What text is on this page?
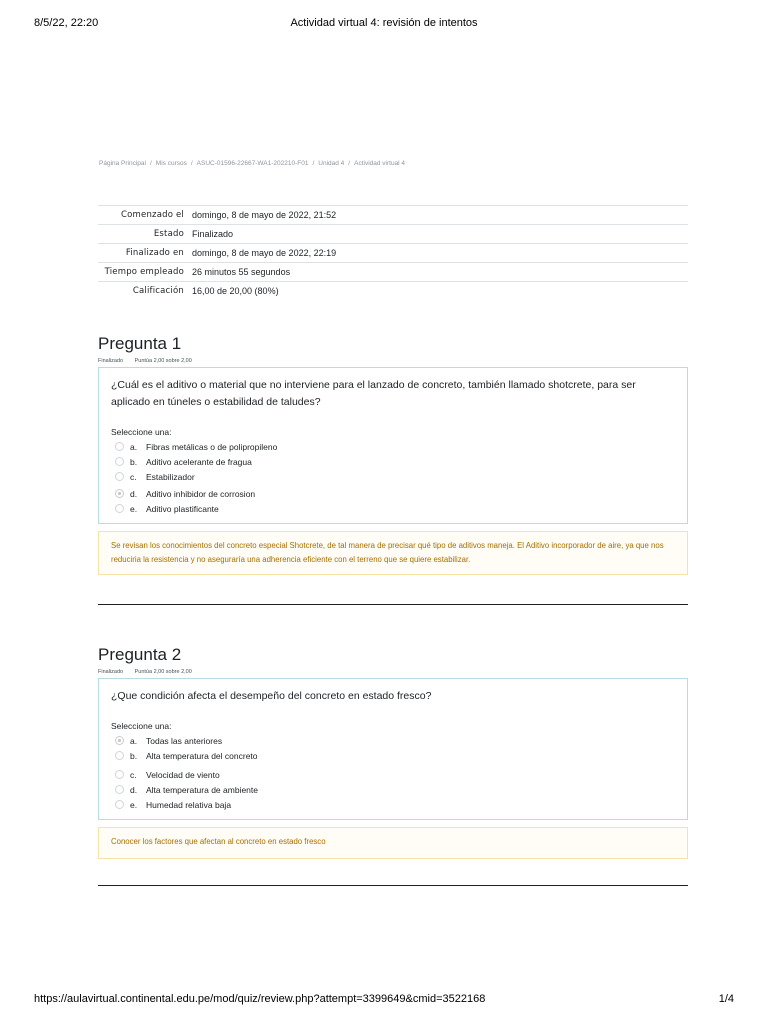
8/5/22, 22:20	Actividad virtual 4: revisión de intentos
Página Principal / Mis cursos / ASUC-01596-22667-WA1-202210-F01 / Unidad 4 / Actividad virtual 4
Comenzado el	domingo, 8 de mayo de 2022, 21:52
Estado	Finalizado
Finalizado en	domingo, 8 de mayo de 2022, 22:19
Tiempo empleado	26 minutos 55 segundos
Calificación	16,00 de 20,00 (80%)
Pregunta 1
Finalizado Puntúa 2,00 sobre 2,00

¿Cuál es el aditivo o material que no interviene para el lanzado de concreto, también llamado shotcrete, para ser aplicado en túneles o estabilidad de taludes?

Seleccione una:

a.	Fibras metálicas o de polipropileno
b.	Aditivo acelerante de fragua
c.	Estabilizador
d.	Aditivo inhibidor de corrosion
e.	Aditivo plastificante
Se revisan los conocimientos del concreto especial Shotcrete, de tal manera de precisar qué tipo de aditivos maneja. El Aditivo incorporador de aire, ya que nos reduciria la resistencia y no aseguraría una adherencia eficiente con el terreno que se quiere estabilizar.
Pregunta 2
Finalizado Puntúa 2,00 sobre 2,00

¿Que condición afecta el desempeño del concreto en estado fresco?

Seleccione una:

a.	Todas las anteriores
b.	Alta temperatura del concreto
c.	Velocidad de viento
d.	Alta temperatura de ambiente
e.	Humedad relativa baja
Conocer los factores que afectan al concreto en estado fresco
https://aulavirtual.continental.edu.pe/mod/quiz/review.php?attempt=3399649&cmid=3522168	1/4
